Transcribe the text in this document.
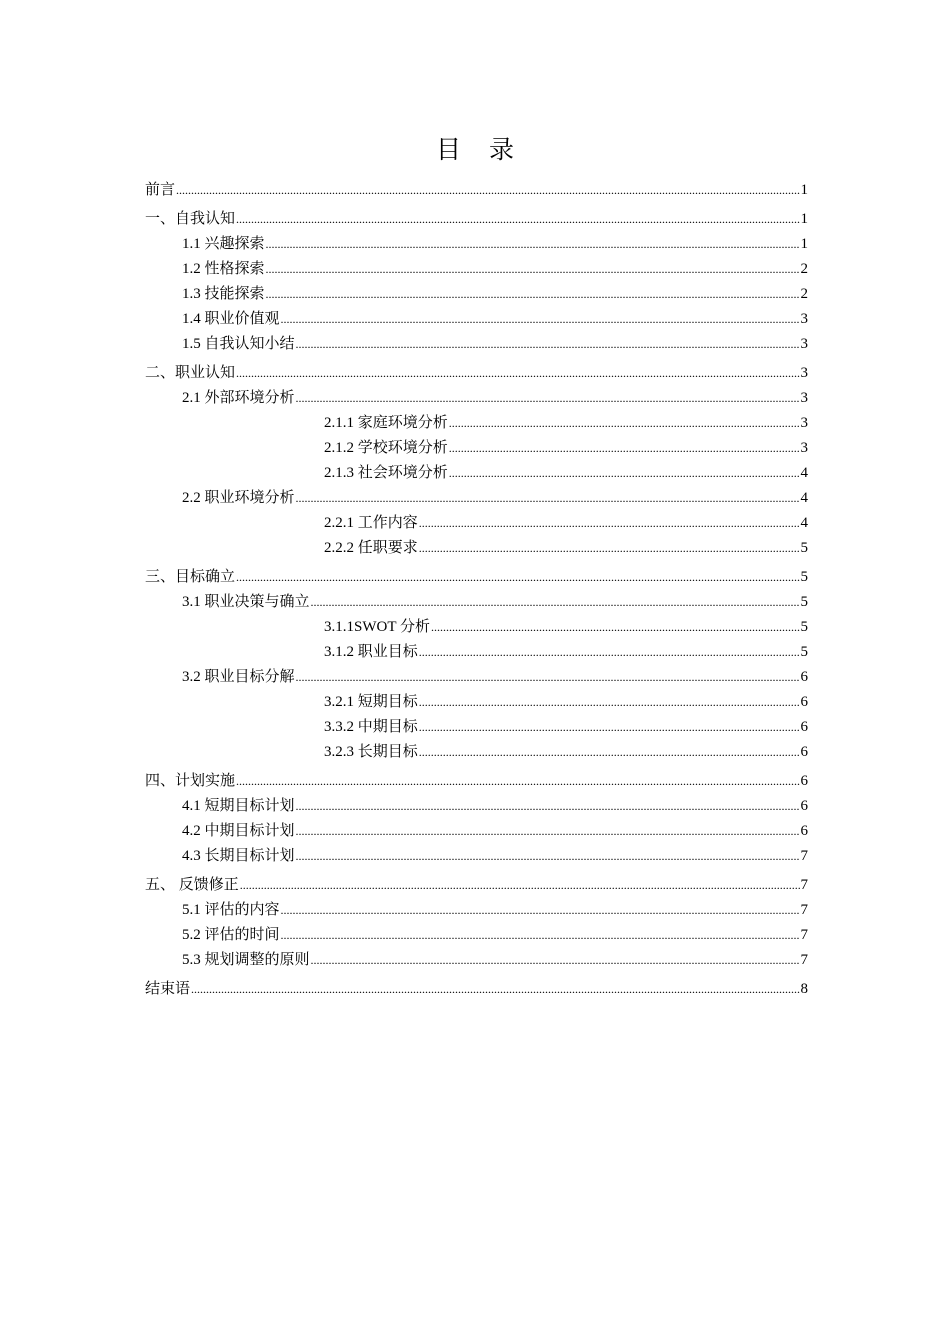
目 录
前言 .....	1
一、自我认知 .....	1
1.1 兴趣探索 .....	1
1.2 性格探索 .....	2
1.3 技能探索 .....	2
1.4 职业价值观 .....	3
1.5 自我认知小结 .....	3
二、职业认知 .....	3
2.1 外部环境分析 .....	3
2.1.1 家庭环境分析 .....	3
2.1.2 学校环境分析 .....	3
2.1.3 社会环境分析 .....	4
2.2 职业环境分析 .....	4
2.2.1 工作内容 .....	4
2.2.2 任职要求 .....	5
三、目标确立 .....	5
3.1 职业决策与确立 .....	5
3.1.1SWOT 分析 .....	5
3.1.2 职业目标 .....	5
3.2 职业目标分解 .....	6
3.2.1 短期目标 .....	6
3.3.2 中期目标 .....	6
3.2.3 长期目标 .....	6
四、计划实施 .....	6
4.1 短期目标计划 .....	6
4.2 中期目标计划 .....	6
4.3 长期目标计划 .....	7
五、 反馈修正 .....	7
5.1 评估的内容 .....	7
5.2 评估的时间 .....	7
5.3 规划调整的原则 .....	7
结束语 .....	8
